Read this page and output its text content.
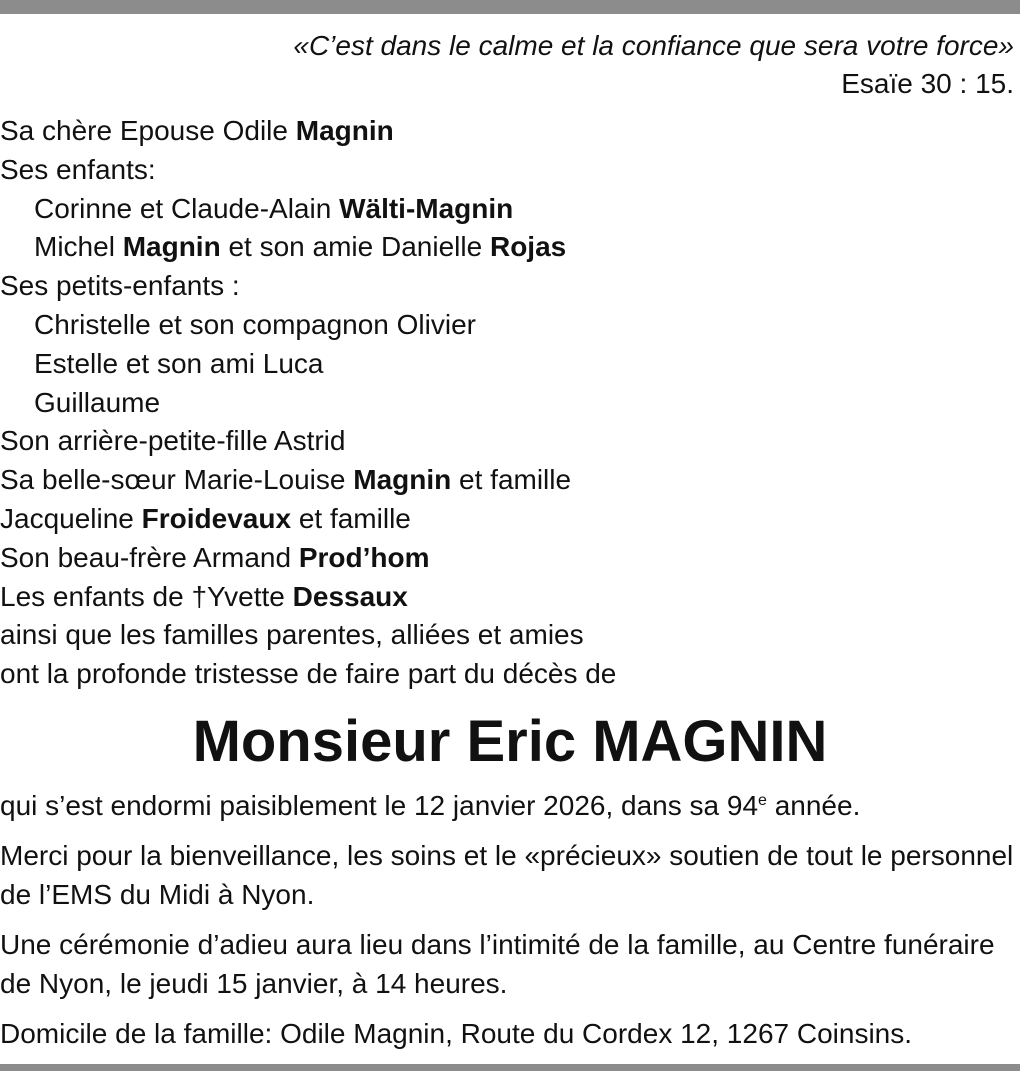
«C’est dans le calme et la confiance que sera votre force»
Esaïe 30 : 15.
Sa chère Epouse Odile Magnin
Ses enfants:
Corinne et Claude-Alain Wälti-Magnin
Michel Magnin et son amie Danielle Rojas
Ses petits-enfants :
Christelle et son compagnon Olivier
Estelle et son ami Luca
Guillaume
Son arrière-petite-fille Astrid
Sa belle-sœur Marie-Louise Magnin et famille
Jacqueline Froidevaux et famille
Son beau-frère Armand Prod’hom
Les enfants de †Yvette Dessaux
ainsi que les familles parentes, alliées et amies
ont la profonde tristesse de faire part du décès de
Monsieur Eric MAGNIN

qui s’est endormi paisiblement le 12 janvier 2026, dans sa 94e année.

Merci pour la bienveillance, les soins et le «précieux» soutien de tout le personnel
de l’EMS du Midi à Nyon.

Une cérémonie d’adieu aura lieu dans l’intimité de la famille, au Centre funéraire
de Nyon, le jeudi 15 janvier, à 14 heures.

Domicile de la famille: Odile Magnin, Route du Cordex 12, 1267 Coinsins.
